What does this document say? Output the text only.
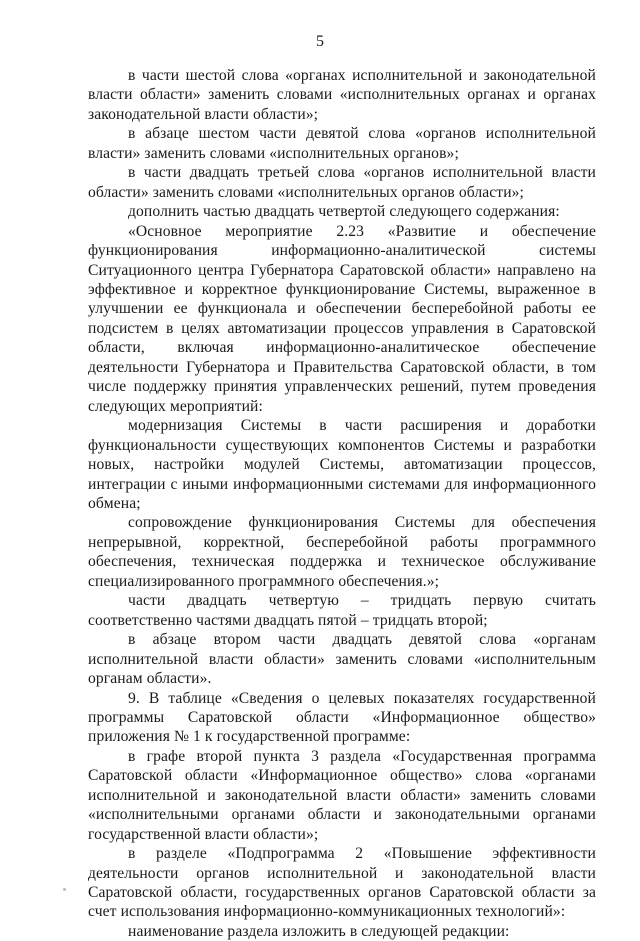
5

в части шестой слова «органах исполнительной и законодательной власти области» заменить словами «исполнительных органах и органах законодательной власти области»;

в абзаце шестом части девятой слова «органов исполнительной власти» заменить словами «исполнительных органов»;

в части двадцать третьей слова «органов исполнительной власти области» заменить словами «исполнительных органов области»;

дополнить частью двадцать четвертой следующего содержания:

«Основное мероприятие 2.23 «Развитие и обеспечение функционирования информационно-аналитической системы Ситуационного центра Губернатора Саратовской области» направлено на эффективное и корректное функционирование Системы, выраженное в улучшении ее функционала и обеспечении бесперебойной работы ее подсистем в целях автоматизации процессов управления в Саратовской области, включая информационно-аналитическое обеспечение деятельности Губернатора и Правительства Саратовской области, в том числе поддержку принятия управленческих решений, путем проведения следующих мероприятий:

модернизация Системы в части расширения и доработки функциональности существующих компонентов Системы и разработки новых, настройки модулей Системы, автоматизации процессов, интеграции с иными информационными системами для информационного обмена;

сопровождение функционирования Системы для обеспечения непрерывной, корректной, бесперебойной работы программного обеспечения, техническая поддержка и техническое обслуживание специализированного программного обеспечения.»;

части двадцать четвертую – тридцать первую считать соответственно частями двадцать пятой – тридцать второй;

в абзаце втором части двадцать девятой слова «органам исполнительной власти области» заменить словами «исполнительным органам области».

9. В таблице «Сведения о целевых показателях государственной программы Саратовской области «Информационное общество» приложения № 1 к государственной программе:

в графе второй пункта 3 раздела «Государственная программа Саратовской области «Информационное общество» слова «органами исполнительной и законодательной власти области» заменить словами «исполнительными органами области и законодательными органами государственной власти области»;

в разделе «Подпрограмма 2 «Повышение эффективности деятельности органов исполнительной и законодательной власти Саратовской области, государственных органов Саратовской области за счет использования информационно-коммуникационных технологий»:

наименование раздела изложить в следующей редакции:
